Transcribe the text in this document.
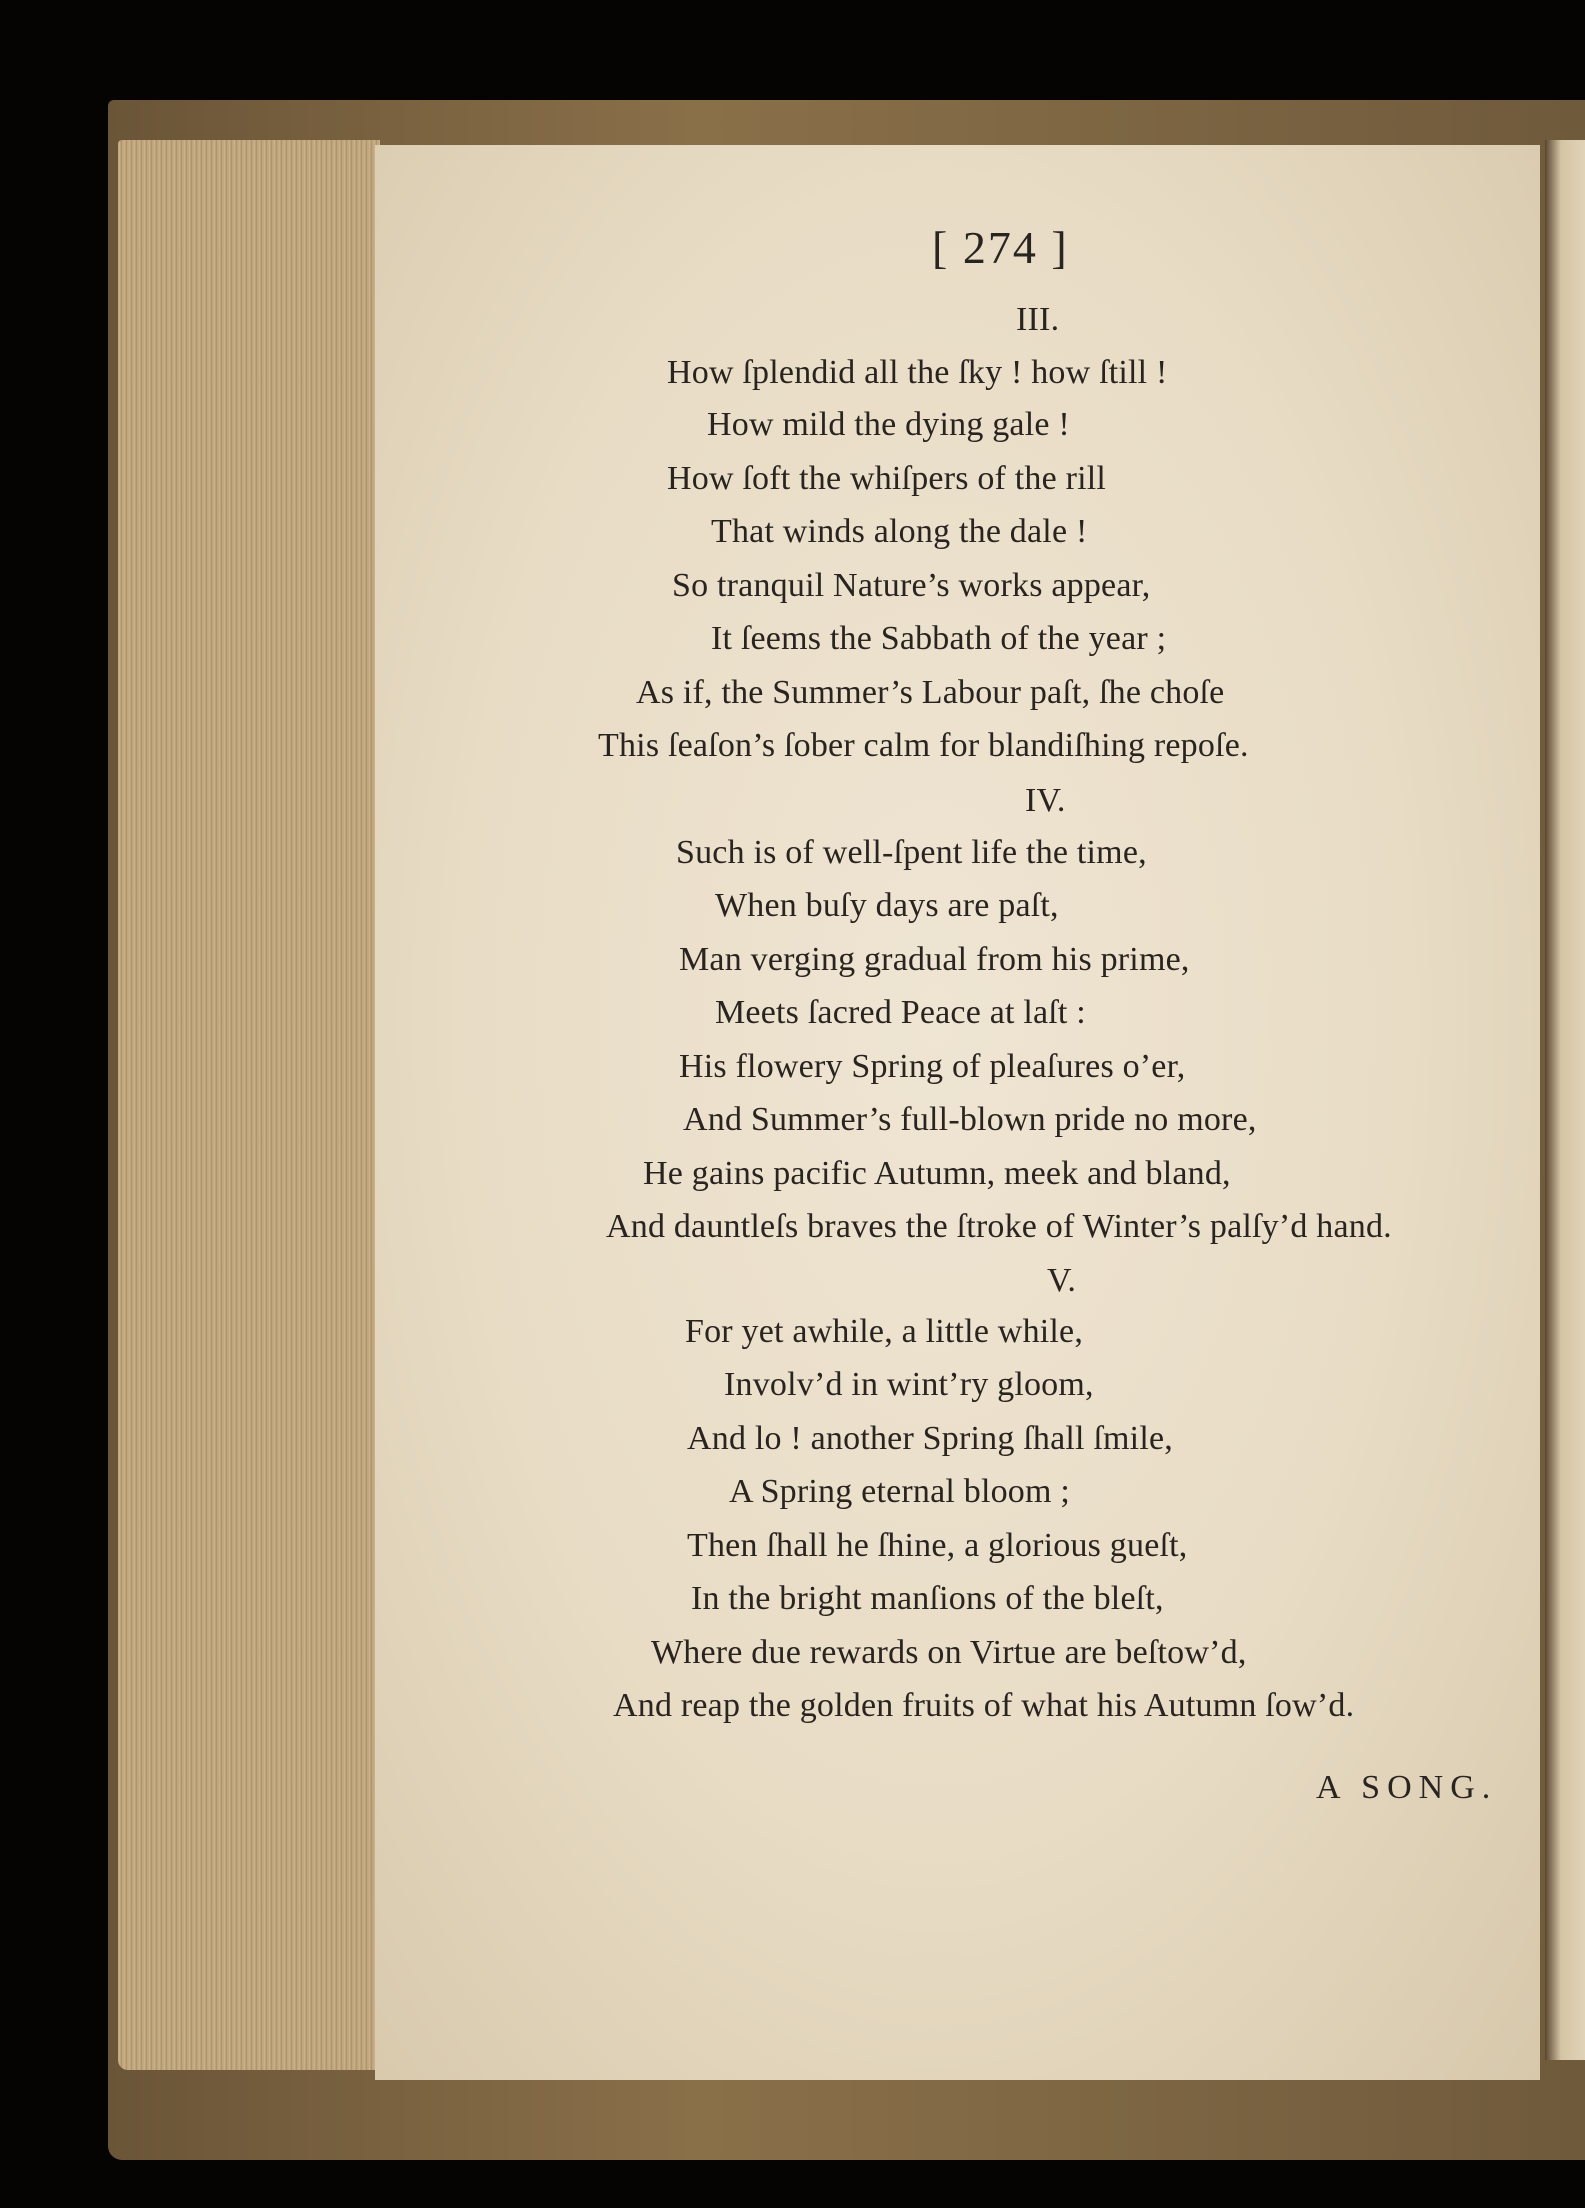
[ 274 ]
III.
How ſplendid all the ſky ! how ſtill !
How mild the dying gale !
How ſoft the whiſpers of the rill
That winds along the dale !
So tranquil Nature’s works appear,
It ſeems the Sabbath of the year ;
As if, the Summer’s Labour paſt, ſhe choſe
This ſeaſon’s ſober calm for blandiſhing repoſe.
IV.
Such is of well-ſpent life the time,
When buſy days are paſt,
Man verging gradual from his prime,
Meets ſacred Peace at laſt :
His flowery Spring of pleaſures o’er,
And Summer’s full-blown pride no more,
He gains pacific Autumn, meek and bland,
And dauntleſs braves the ſtroke of Winter’s palſy’d hand.
V.
For yet awhile, a little while,
Involv’d in wint’ry gloom,
And lo ! another Spring ſhall ſmile,
A Spring eternal bloom ;
Then ſhall he ſhine, a glorious gueſt,
In the bright manſions of the bleſt,
Where due rewards on Virtue are beſtow’d,
And reap the golden fruits of what his Autumn ſow’d.
A SONG.
